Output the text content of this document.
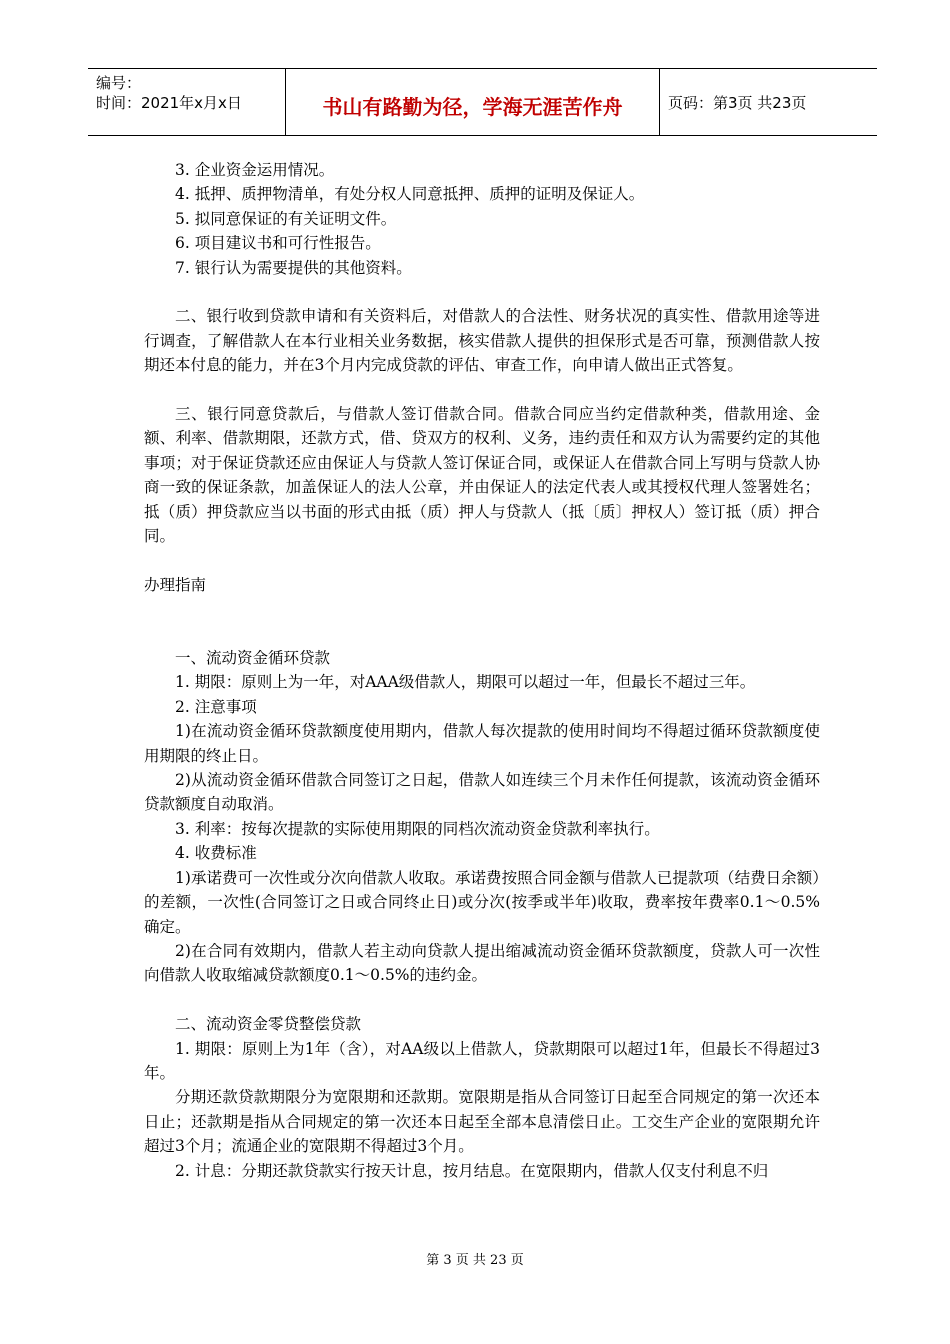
编号：
时间：2021年x月x日	书山有路勤为径，学海无涯苦作舟	页码：第3页 共23页

3. 企业资金运用情况。

4. 抵押、质押物清单，有处分权人同意抵押、质押的证明及保证人。

5. 拟同意保证的有关证明文件。

6. 项目建议书和可行性报告。

7. 银行认为需要提供的其他资料。

二、银行收到贷款申请和有关资料后，对借款人的合法性、财务状况的真实性、借款用途等进行调查，了解借款人在本行业相关业务数据，核实借款人提供的担保形式是否可靠，预测借款人按期还本付息的能力，并在3个月内完成贷款的评估、审查工作，向申请人做出正式答复。

三、银行同意贷款后，与借款人签订借款合同。借款合同应当约定借款种类，借款用途、金额、利率、借款期限，还款方式，借、贷双方的权利、义务，违约责任和双方认为需要约定的其他事项；对于保证贷款还应由保证人与贷款人签订保证合同，或保证人在借款合同上写明与贷款人协商一致的保证条款，加盖保证人的法人公章，并由保证人的法定代表人或其授权代理人签署姓名；抵（质）押贷款应当以书面的形式由抵（质）押人与贷款人（抵〔质〕押权人）签订抵（质）押合同。

办理指南

一、流动资金循环贷款

1. 期限：原则上为一年，对AAA级借款人，期限可以超过一年，但最长不超过三年。

2. 注意事项

1)在流动资金循环贷款额度使用期内，借款人每次提款的使用时间均不得超过循环贷款额度使用期限的终止日。

2)从流动资金循环借款合同签订之日起，借款人如连续三个月未作任何提款，该流动资金循环贷款额度自动取消。

3. 利率：按每次提款的实际使用期限的同档次流动资金贷款利率执行。

4. 收费标准

1)承诺费可一次性或分次向借款人收取。承诺费按照合同金额与借款人已提款项（结费日余额）的差额，一次性(合同签订之日或合同终止日)或分次(按季或半年)收取，费率按年费率0.1～0.5%确定。

2)在合同有效期内，借款人若主动向贷款人提出缩减流动资金循环贷款额度，贷款人可一次性向借款人收取缩减贷款额度0.1～0.5%的违约金。

二、流动资金零贷整偿贷款

1. 期限：原则上为1年（含），对AA级以上借款人，贷款期限可以超过1年，但最长不得超过3年。

分期还款贷款期限分为宽限期和还款期。宽限期是指从合同签订日起至合同规定的第一次还本日止；还款期是指从合同规定的第一次还本日起至全部本息清偿日止。工交生产企业的宽限期允许超过3个月；流通企业的宽限期不得超过3个月。

2. 计息：分期还款贷款实行按天计息，按月结息。在宽限期内，借款人仅支付利息不归

第 3 页 共 23 页
